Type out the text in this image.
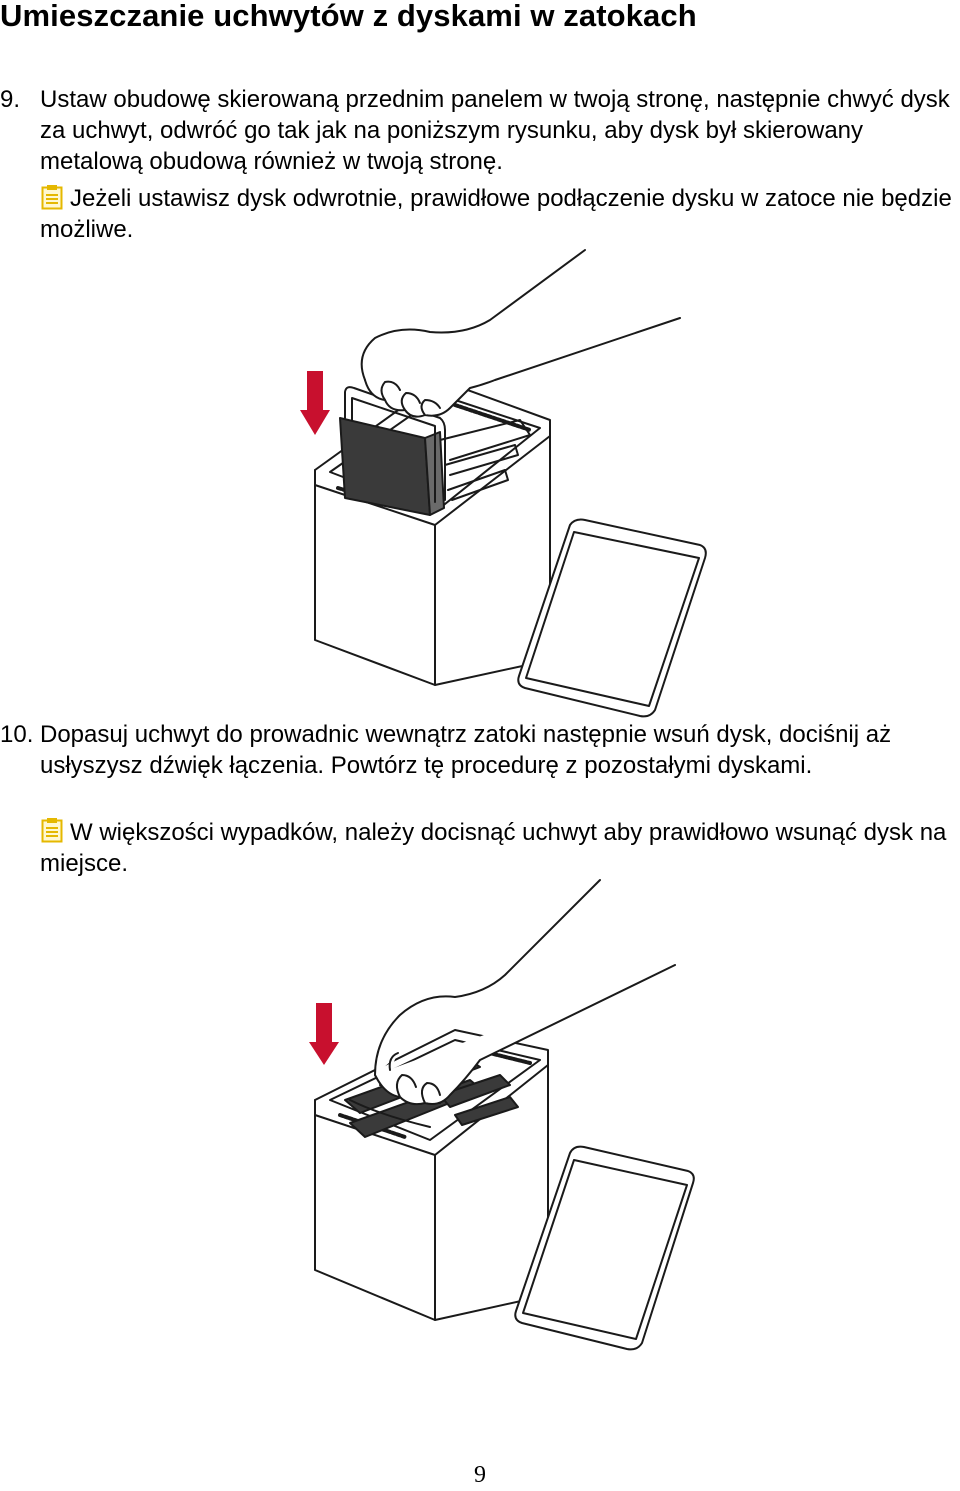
Umieszczanie uchwytów z dyskami w zatokach
9. Ustaw obudowę skierowaną przednim panelem w twoją stronę, następnie chwyć dysk za uchwyt, odwróć go tak jak na poniższym rysunku, aby dysk był skierowany metalową obudową również w twoją stronę.
Jeżeli ustawisz dysk odwrotnie, prawidłowe podłączenie dysku w zatoce nie będzie możliwe.
10. Dopasuj uchwyt do prowadnic wewnątrz zatoki następnie wsuń dysk, dociśnij aż usłyszysz dźwięk łączenia. Powtórz tę procedurę z pozostałymi dyskami.
W większości wypadków, należy docisnąć uchwyt aby prawidłowo wsunąć dysk na miejsce.
9
